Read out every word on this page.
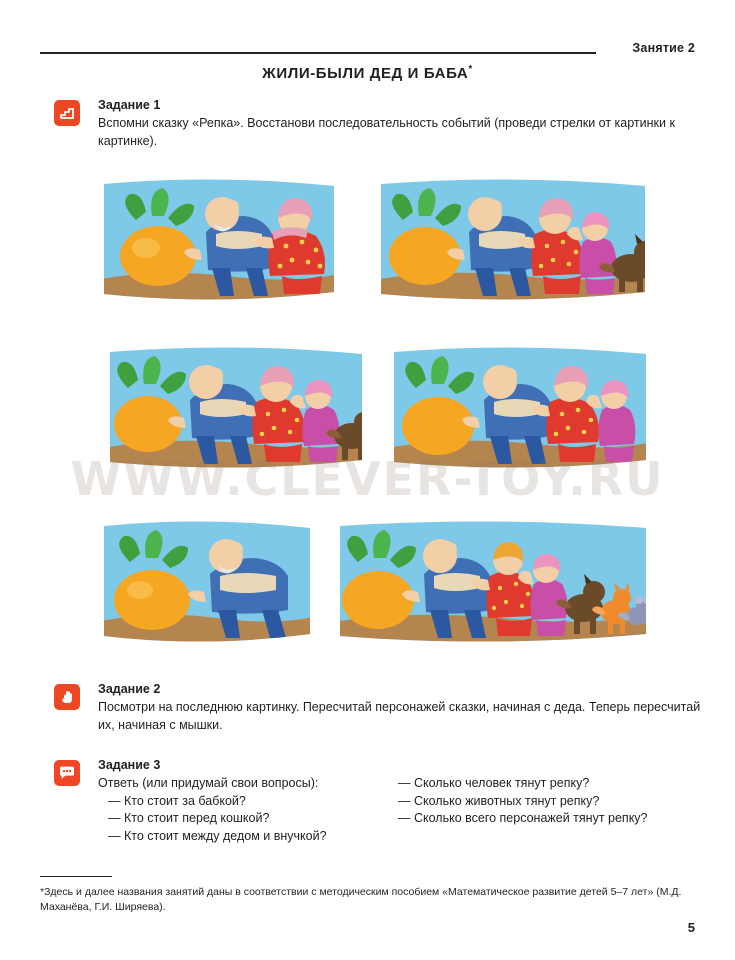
Занятие 2
ЖИЛИ-БЫЛИ ДЕД И БАБА*

Задание 1

Вспомни сказку «Репка». Восстанови последовательность событий (проведи стрелки от картинки к картинке).

WWW.CLEVER-TOY.RU

Задание 2

Посмотри на последнюю картинку. Пересчитай персонажей сказки, начиная с деда. Теперь пересчитай их, начиная с мышки.

Задание 3

Ответь (или придумай свои вопросы):
— Кто стоит за бабкой?
— Кто стоит перед кошкой?
— Кто стоит между дедом и внучкой?
— Сколько человек тянут репку?
— Сколько животных тянут репку?
— Сколько всего персонажей тянут репку?

*Здесь и далее названия занятий даны в соответствии с методическим пособием «Математическое развитие детей 5–7 лет» (М.Д. Маханёва, Г.И. Ширяева).

5
